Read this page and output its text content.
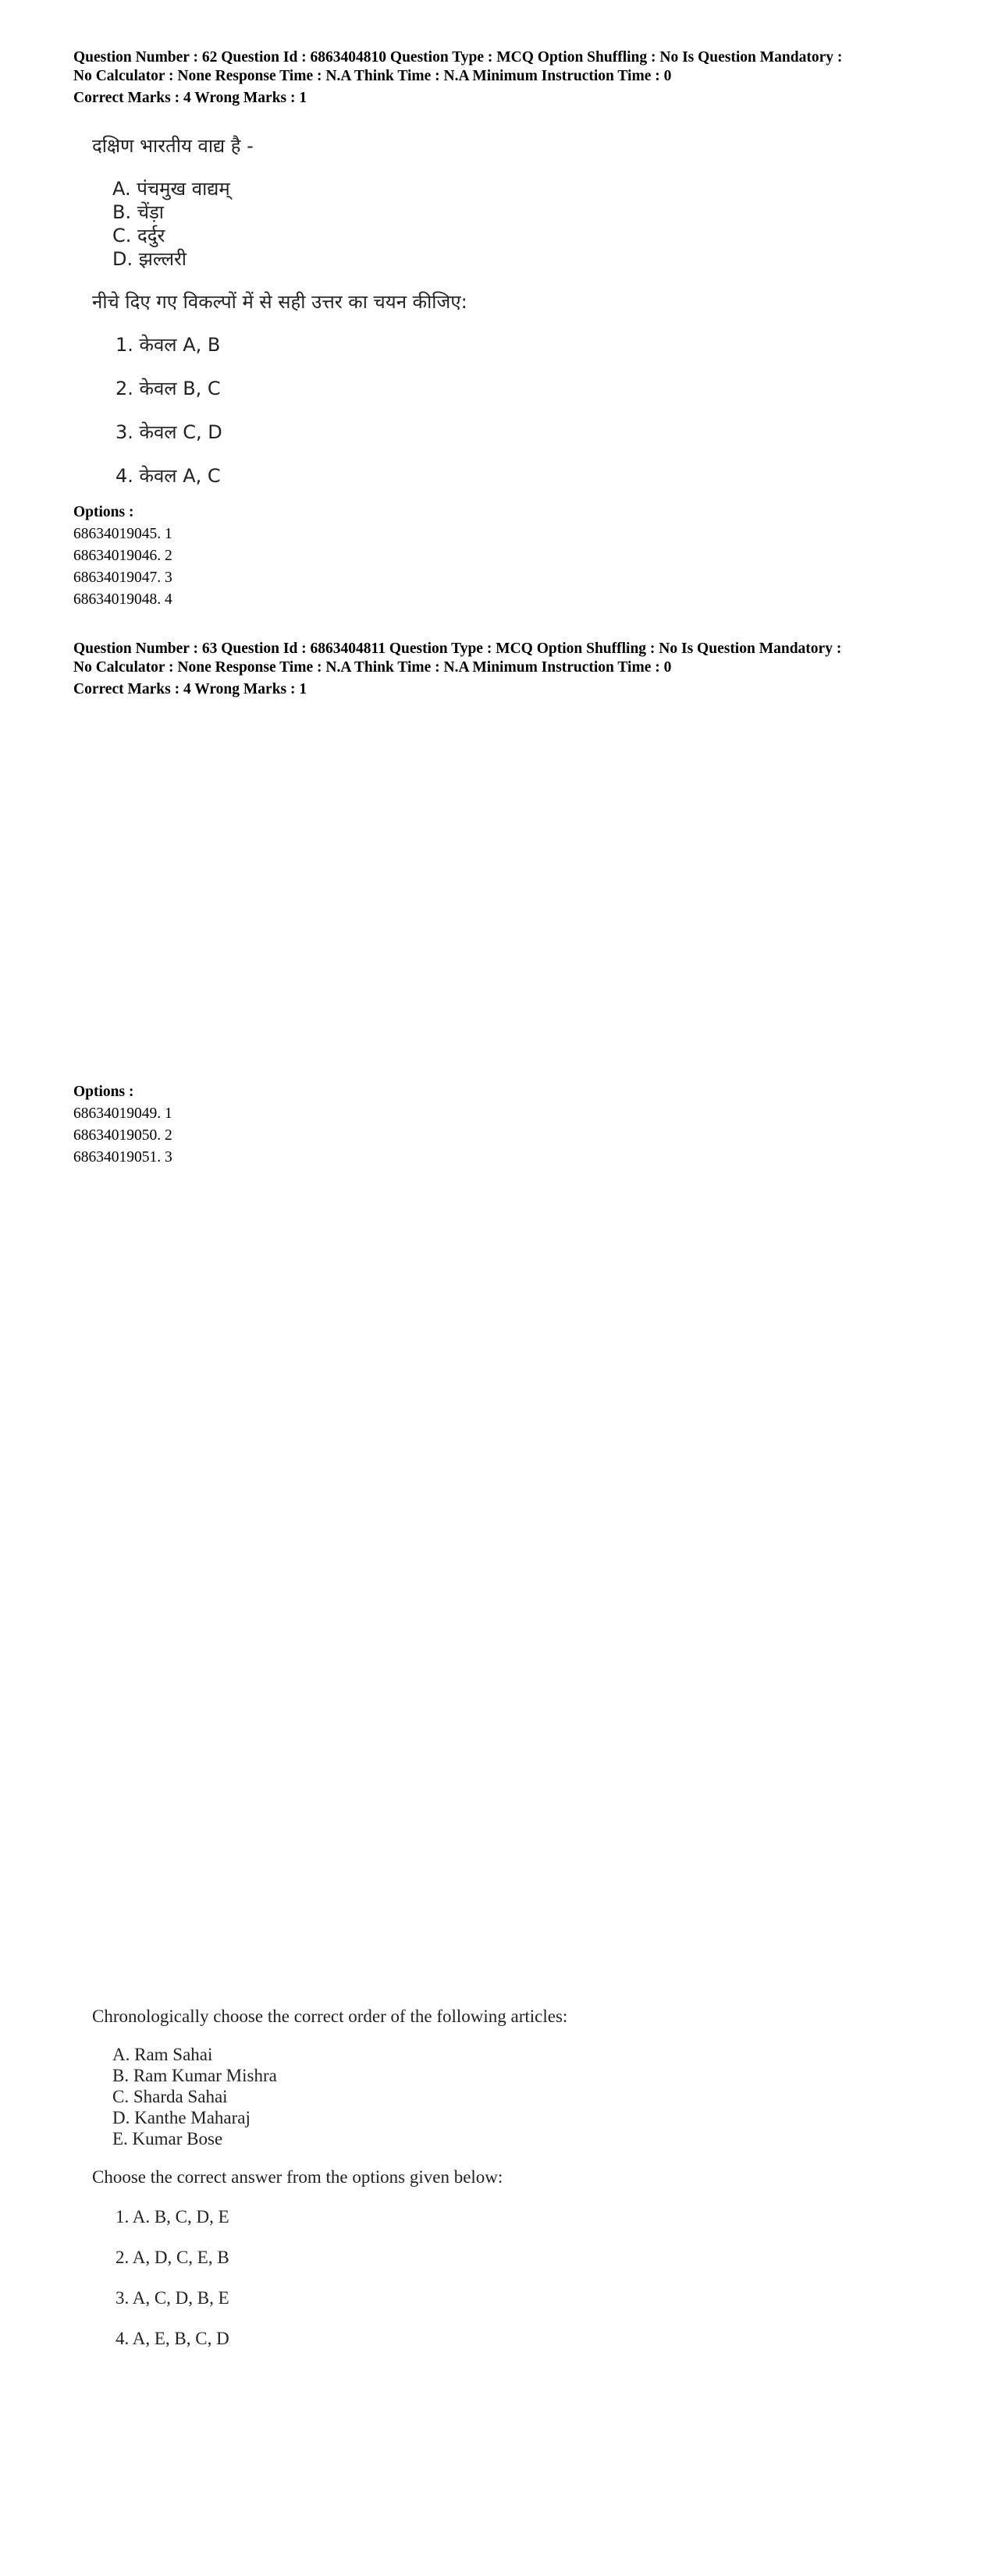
Question Number : 62 Question Id : 6863404810 Question Type : MCQ Option Shuffling : No Is Question Mandatory :

No Calculator : None Response Time : N.A Think Time : N.A Minimum Instruction Time : 0

Correct Marks : 4 Wrong Marks : 1

दक्षिण भारतीय वाद्य है -
A. पंचमुख वाद्यम्
B. चेंड़ा
C. दर्दुर
D. झल्लरी
नीचे दिए गए विकल्पों में से सही उत्तर का चयन कीजिए:
1. केवल A, B
2. केवल B, C
3. केवल C, D
4. केवल A, C
Options :
68634019045. 1
68634019046. 2
68634019047. 3
68634019048. 4

Question Number : 63 Question Id : 6863404811 Question Type : MCQ Option Shuffling : No Is Question Mandatory :

No Calculator : None Response Time : N.A Think Time : N.A Minimum Instruction Time : 0

Correct Marks : 4 Wrong Marks : 1

Chronologically choose the correct order of the following articles:
A. Ram Sahai
B. Ram Kumar Mishra
C. Sharda Sahai
D. Kanthe Maharaj
E. Kumar Bose
Choose the correct answer from the options given below:
1. A. B, C, D, E
2. A, D, C, E, B
3. A, C, D, B, E
4. A, E, B, C, D
Options :
68634019049. 1
68634019050. 2
68634019051. 3
